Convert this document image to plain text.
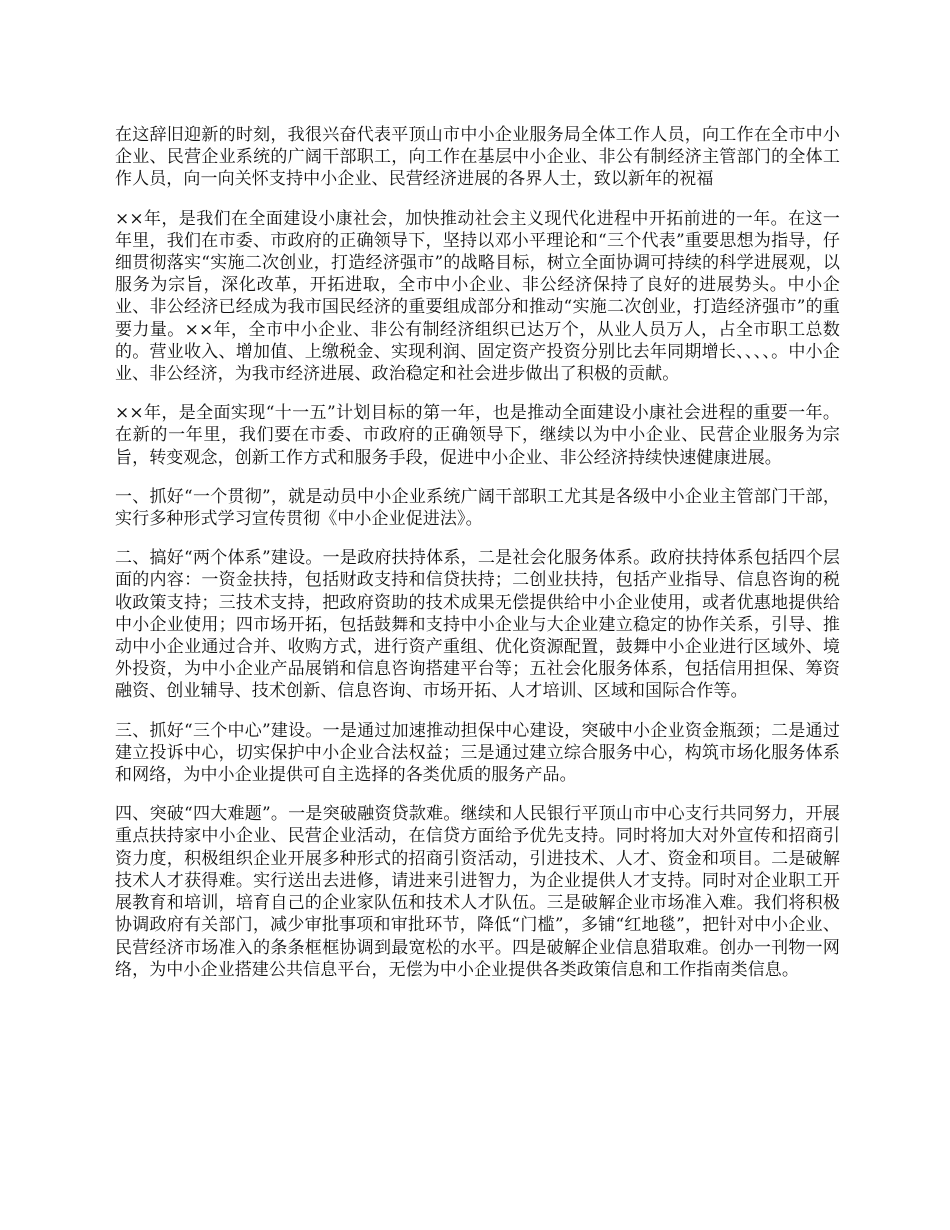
在这辞旧迎新的时刻，我很兴奋代表平顶山市中小企业服务局全体工作人员，向工作在全市中小企业、民营企业系统的广阔干部职工，向工作在基层中小企业、非公有制经济主管部门的全体工作人员，向一向关怀支持中小企业、民营经济进展的各界人士，致以新年的祝福

××年，是我们在全面建设小康社会，加快推动社会主义现代化进程中开拓前进的一年。在这一年里，我们在市委、市政府的正确领导下，坚持以邓小平理论和“三个代表”重要思想为指导，仔细贯彻落实“实施二次创业，打造经济强市”的战略目标，树立全面协调可持续的科学进展观，以服务为宗旨，深化改革，开拓进取，全市中小企业、非公经济保持了良好的进展势头。中小企业、非公经济已经成为我市国民经济的重要组成部分和推动“实施二次创业，打造经济强市”的重要力量。××年，全市中小企业、非公有制经济组织已达万个，从业人员万人，占全市职工总数的。营业收入、增加值、上缴税金、实现利润、固定资产投资分别比去年同期增长、、、、。中小企业、非公经济，为我市经济进展、政治稳定和社会进步做出了积极的贡献。

××年，是全面实现“十一五”计划目标的第一年，也是推动全面建设小康社会进程的重要一年。在新的一年里，我们要在市委、市政府的正确领导下，继续以为中小企业、民营企业服务为宗旨，转变观念，创新工作方式和服务手段，促进中小企业、非公经济持续快速健康进展。

一、抓好“一个贯彻”，就是动员中小企业系统广阔干部职工尤其是各级中小企业主管部门干部，实行多种形式学习宣传贯彻《中小企业促进法》。

二、搞好“两个体系”建设。一是政府扶持体系，二是社会化服务体系。政府扶持体系包括四个层面的内容：一资金扶持，包括财政支持和信贷扶持；二创业扶持，包括产业指导、信息咨询的税收政策支持；三技术支持，把政府资助的技术成果无偿提供给中小企业使用，或者优惠地提供给中小企业使用；四市场开拓，包括鼓舞和支持中小企业与大企业建立稳定的协作关系，引导、推动中小企业通过合并、收购方式，进行资产重组、优化资源配置，鼓舞中小企业进行区域外、境外投资，为中小企业产品展销和信息咨询搭建平台等；五社会化服务体系，包括信用担保、筹资融资、创业辅导、技术创新、信息咨询、市场开拓、人才培训、区域和国际合作等。

三、抓好“三个中心”建设。一是通过加速推动担保中心建设，突破中小企业资金瓶颈；二是通过建立投诉中心，切实保护中小企业合法权益；三是通过建立综合服务中心，构筑市场化服务体系和网络，为中小企业提供可自主选择的各类优质的服务产品。

四、突破“四大难题”。一是突破融资贷款难。继续和人民银行平顶山市中心支行共同努力，开展重点扶持家中小企业、民营企业活动，在信贷方面给予优先支持。同时将加大对外宣传和招商引资力度，积极组织企业开展多种形式的招商引资活动，引进技术、人才、资金和项目。二是破解技术人才获得难。实行送出去进修，请进来引进智力，为企业提供人才支持。同时对企业职工开展教育和培训，培育自己的企业家队伍和技术人才队伍。三是破解企业市场准入难。我们将积极协调政府有关部门，减少审批事项和审批环节，降低“门槛”，多铺“红地毯”，把针对中小企业、民营经济市场准入的条条框框协调到最宽松的水平。四是破解企业信息猎取难。创办一刊物一网络，为中小企业搭建公共信息平台，无偿为中小企业提供各类政策信息和工作指南类信息。
